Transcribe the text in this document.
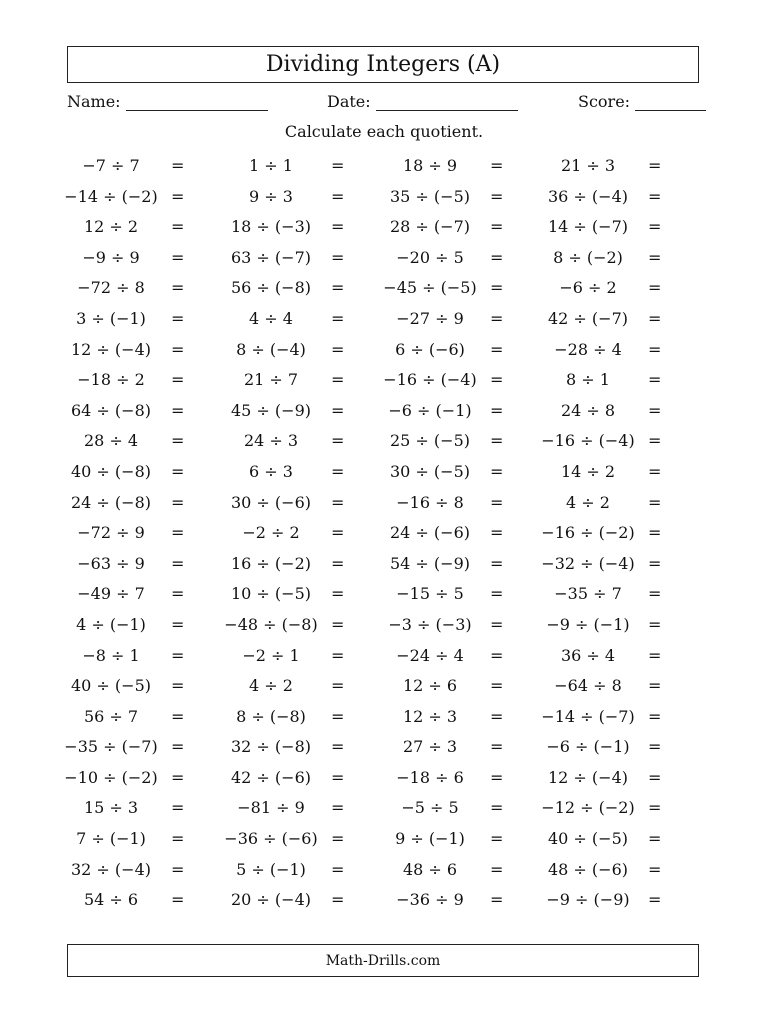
Dividing Integers (A)
Name:	Date:	Score:
Calculate each quotient.
−7 ÷ 7 =	1 ÷ 1 =	18 ÷ 9 =	21 ÷ 3 =
−14 ÷ (−2) =	9 ÷ 3 =	35 ÷ (−5) =	36 ÷ (−4) =
12 ÷ 2 =	18 ÷ (−3) =	28 ÷ (−7) =	14 ÷ (−7) =
−9 ÷ 9 =	63 ÷ (−7) =	−20 ÷ 5 =	8 ÷ (−2) =
−72 ÷ 8 =	56 ÷ (−8) =	−45 ÷ (−5) =	−6 ÷ 2 =
3 ÷ (−1) =	4 ÷ 4 =	−27 ÷ 9 =	42 ÷ (−7) =
12 ÷ (−4) =	8 ÷ (−4) =	6 ÷ (−6) =	−28 ÷ 4 =
−18 ÷ 2 =	21 ÷ 7 =	−16 ÷ (−4) =	8 ÷ 1 =
64 ÷ (−8) =	45 ÷ (−9) =	−6 ÷ (−1) =	24 ÷ 8 =
28 ÷ 4 =	24 ÷ 3 =	25 ÷ (−5) =	−16 ÷ (−4) =
40 ÷ (−8) =	6 ÷ 3 =	30 ÷ (−5) =	14 ÷ 2 =
24 ÷ (−8) =	30 ÷ (−6) =	−16 ÷ 8 =	4 ÷ 2 =
−72 ÷ 9 =	−2 ÷ 2 =	24 ÷ (−6) =	−16 ÷ (−2) =
−63 ÷ 9 =	16 ÷ (−2) =	54 ÷ (−9) =	−32 ÷ (−4) =
−49 ÷ 7 =	10 ÷ (−5) =	−15 ÷ 5 =	−35 ÷ 7 =
4 ÷ (−1) =	−48 ÷ (−8) =	−3 ÷ (−3) =	−9 ÷ (−1) =
−8 ÷ 1 =	−2 ÷ 1 =	−24 ÷ 4 =	36 ÷ 4 =
40 ÷ (−5) =	4 ÷ 2 =	12 ÷ 6 =	−64 ÷ 8 =
56 ÷ 7 =	8 ÷ (−8) =	12 ÷ 3 =	−14 ÷ (−7) =
−35 ÷ (−7) =	32 ÷ (−8) =	27 ÷ 3 =	−6 ÷ (−1) =
−10 ÷ (−2) =	42 ÷ (−6) =	−18 ÷ 6 =	12 ÷ (−4) =
15 ÷ 3 =	−81 ÷ 9 =	−5 ÷ 5 =	−12 ÷ (−2) =
7 ÷ (−1) =	−36 ÷ (−6) =	9 ÷ (−1) =	40 ÷ (−5) =
32 ÷ (−4) =	5 ÷ (−1) =	48 ÷ 6 =	48 ÷ (−6) =
54 ÷ 6 =	20 ÷ (−4) =	−36 ÷ 9 =	−9 ÷ (−9) =
Math-Drills.com
